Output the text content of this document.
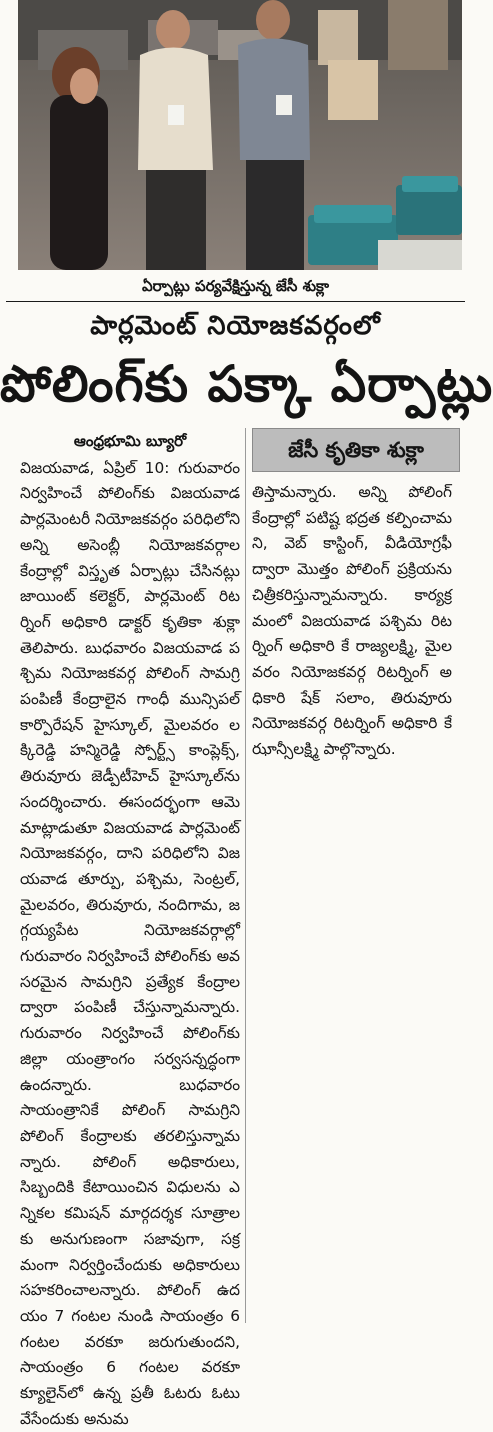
ఏర్పాట్లు పర్యవేక్షిస్తున్న జేసీ శుక్లా
పార్లమెంట్ నియోజకవర్గంలో
పోలింగ్‌కు పక్కా ఏర్పాట్లు

ఆంధ్రభూమి బ్యూరో

విజయవాడ, ఏప్రిల్ 10: గురువారం నిర్వహించే పోలింగ్‌కు విజయవాడ పార్లమెంటరీ నియోజకవర్గం పరిధిలోని అన్ని అసెంబ్లీ నియోజకవర్గాల కేంద్రాల్లో విస్తృత ఏర్పాట్లు చేసినట్లు జాయింట్ కలెక్టర్, పార్లమెంట్ రిటర్నింగ్ అధికారి డాక్టర్ కృతికా శుక్లా తెలిపారు. బుధవారం విజయవాడ పశ్చిమ నియోజకవర్గ పోలింగ్ సామగ్రి పంపిణీ కేంద్రాలైన గాంధీ మున్సిపల్ కార్పొరేషన్ హైస్కూల్, మైలవరం లక్కిరెడ్డి హన్మిరెడ్డి స్పోర్ట్స్ కాంప్లెక్స్, తిరువూరు జెడ్పీటీహెచ్ హైస్కూల్‌ను సందర్శించారు. ఈసందర్భంగా ఆమె మాట్లాడుతూ విజయవాడ పార్లమెంట్ నియోజకవర్గం, దాని పరిధిలోని విజయవాడ తూర్పు, పశ్చిమ, సెంట్రల్, మైలవరం, తిరువూరు, నందిగామ, జగ్గయ్యపేట నియోజకవర్గాల్లో గురువారం నిర్వహించే పోలింగ్‌కు అవసరమైన సామగ్రిని ప్రత్యేక కేంద్రాల ద్వారా పంపిణీ చేస్తున్నామన్నారు. గురువారం నిర్వహించే పోలింగ్‌కు జిల్లా యంత్రాంగం సర్వసన్నద్ధంగా ఉందన్నారు. బుధవారం సాయంత్రానికే పోలింగ్ సామగ్రిని పోలింగ్ కేంద్రాలకు తరలిస్తున్నామన్నారు. పోలింగ్ అధికారులు, సిబ్బందికి కేటాయించిన విధులను ఎన్నికల కమిషన్ మార్గదర్శక సూత్రాలకు అనుగుణంగా సజావుగా, సక్రమంగా నిర్వర్తించేందుకు అధికారులు సహకరించాలన్నారు. పోలింగ్ ఉదయం 7 గంటల నుండి సాయంత్రం 6గంటల వరకూ జరుగుతుందని, సాయంత్రం 6 గంటల వరకూ క్యూలైన్‌లో ఉన్న ప్రతీ ఓటరు ఓటు వేసేందుకు అనుమ

జేసీ కృతికా శుక్లా

తిస్తామన్నారు. అన్ని పోలింగ్ కేంద్రాల్లో పటిష్ట భద్రత కల్పించామని, వెబ్ కాస్టింగ్, వీడియోగ్రఫీ ద్వారా మొత్తం పోలింగ్ ప్రక్రియను చిత్రీకరిస్తున్నామన్నారు. కార్యక్రమంలో విజయవాడ పశ్చిమ రిటర్నింగ్ అధికారి కే రాజ్యలక్ష్మి, మైలవరం నియోజకవర్గ రిటర్నింగ్ అధికారి షేక్ సలాం, తిరువూరు నియోజకవర్గ రిటర్నింగ్ అధికారి కే ఝాన్సీలక్ష్మి పాల్గొన్నారు.
